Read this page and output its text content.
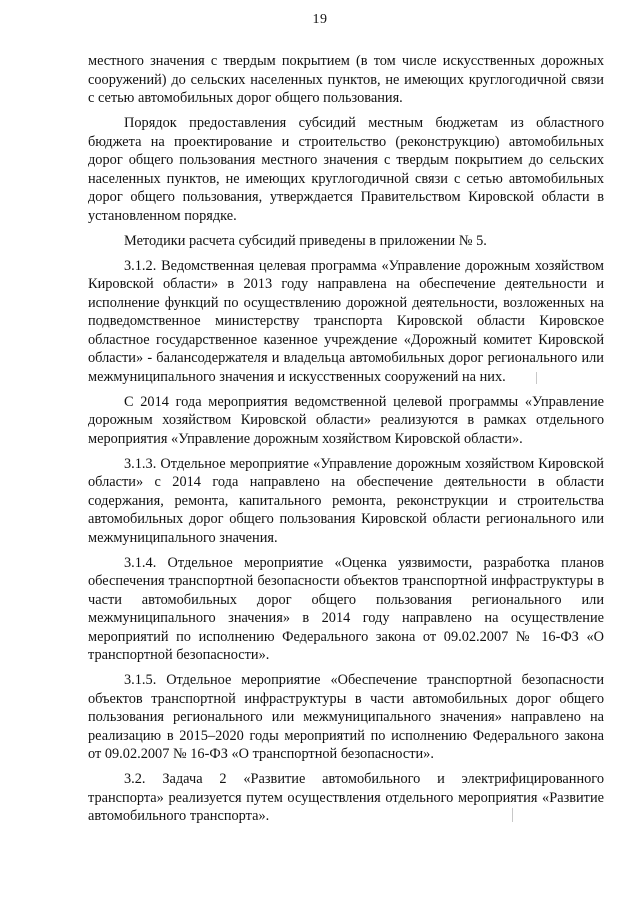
19

местного значения с твердым покрытием (в том числе искусственных дорожных сооружений) до сельских населенных пунктов, не имеющих круглогодичной связи с сетью автомобильных дорог общего пользования.

Порядок предоставления субсидий местным бюджетам из областного бюджета на проектирование и строительство (реконструкцию) автомобильных дорог общего пользования местного значения с твердым покрытием до сельских населенных пунктов, не имеющих круглогодичной связи с сетью автомобильных дорог общего пользования, утверждается Правительством Кировской области в установленном порядке.

Методики расчета субсидий приведены в приложении № 5.

3.1.2. Ведомственная целевая программа «Управление дорожным хозяйством Кировской области» в 2013 году направлена на обеспечение деятельности и исполнение функций по осуществлению дорожной деятельности, возложенных на подведомственное министерству транспорта Кировской области Кировское областное государственное казенное учреждение «Дорожный комитет Кировской области» - балансодержателя и владельца автомобильных дорог регионального или межмуниципального значения и искусственных сооружений на них.

С 2014 года мероприятия ведомственной целевой программы «Управление дорожным хозяйством Кировской области» реализуются в рамках отдельного мероприятия «Управление дорожным хозяйством Кировской области».

3.1.3. Отдельное мероприятие «Управление дорожным хозяйством Кировской области» с 2014 года направлено на обеспечение деятельности в области содержания, ремонта, капитального ремонта, реконструкции и строительства автомобильных дорог общего пользования Кировской области регионального или межмуниципального значения.

3.1.4. Отдельное мероприятие «Оценка уязвимости, разработка планов обеспечения транспортной безопасности объектов транспортной инфраструктуры в части автомобильных дорог общего пользования регионального или межмуниципального значения» в 2014 году направлено на осуществление мероприятий по исполнению Федерального закона от 09.02.2007 № 16-ФЗ «О транспортной безопасности».

3.1.5. Отдельное мероприятие «Обеспечение транспортной безопасности объектов транспортной инфраструктуры в части автомобильных дорог общего пользования регионального или межмуниципального значения» направлено на реализацию в 2015–2020 годы мероприятий по исполнению Федерального закона от 09.02.2007 № 16-ФЗ «О транспортной безопасности».

3.2. Задача 2 «Развитие автомобильного и электрифицированного транспорта» реализуется путем осуществления отдельного мероприятия «Развитие автомобильного транспорта».
